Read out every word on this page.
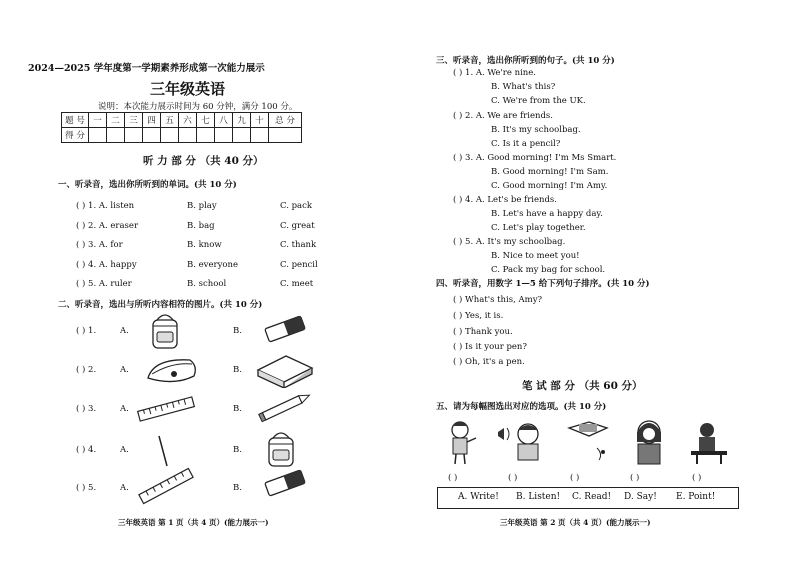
2024—2025 学年度第一学期素养形成第一次能力展示
三年级英语
说明：本次能力展示时间为 60 分钟，满分 100 分。
题 号	一	二	三	四	五	六	七	八	九	十	总 分
得 分											
听 力 部 分 （共 40 分）
一、听录音，选出你所听到的单词。(共 10 分)
( ) 1. A. listen	B. play	C. pack
( ) 2. A. eraser	B. bag	C. great
( ) 3. A. for	B. know	C. thank
( ) 4. A. happy	B. everyone	C. pencil
( ) 5. A. ruler	B. school	C. meet
二、听录音，选出与所听内容相符的图片。(共 10 分)
( ) 1.	A.	B.
( ) 2.	A.	B.
( ) 3.	A.	B.
( ) 4.	A.	B.
( ) 5.	A.	B.
三年级英语 第 1 页（共 4 页）(能力展示一)
三、听录音，选出你所听到的句子。(共 10 分)
( ) 1. A. We're nine.
B. What's this?
C. We're from the UK.
( ) 2. A. We are friends.
B. It's my schoolbag.
C. Is it a pencil?
( ) 3. A. Good morning! I'm Ms Smart.
B. Good morning! I'm Sam.
C. Good morning! I'm Amy.
( ) 4. A. Let's be friends.
B. Let's have a happy day.
C. Let's play together.
( ) 5. A. It's my schoolbag.
B. Nice to meet you!
C. Pack my bag for school.
四、听录音，用数字 1—5 给下列句子排序。(共 10 分)
( ) What's this, Amy?
( ) Yes, it is.
( ) Thank you.
( ) Is it your pen?
( ) Oh, it's a pen.
笔 试 部 分 （共 60 分）
五、请为每幅图选出对应的选项。(共 10 分)
( )	( )	( )	( )	( )
A. Write! B. Listen! C. Read! D. Say! E. Point!
三年级英语 第 2 页（共 4 页）(能力展示一)
